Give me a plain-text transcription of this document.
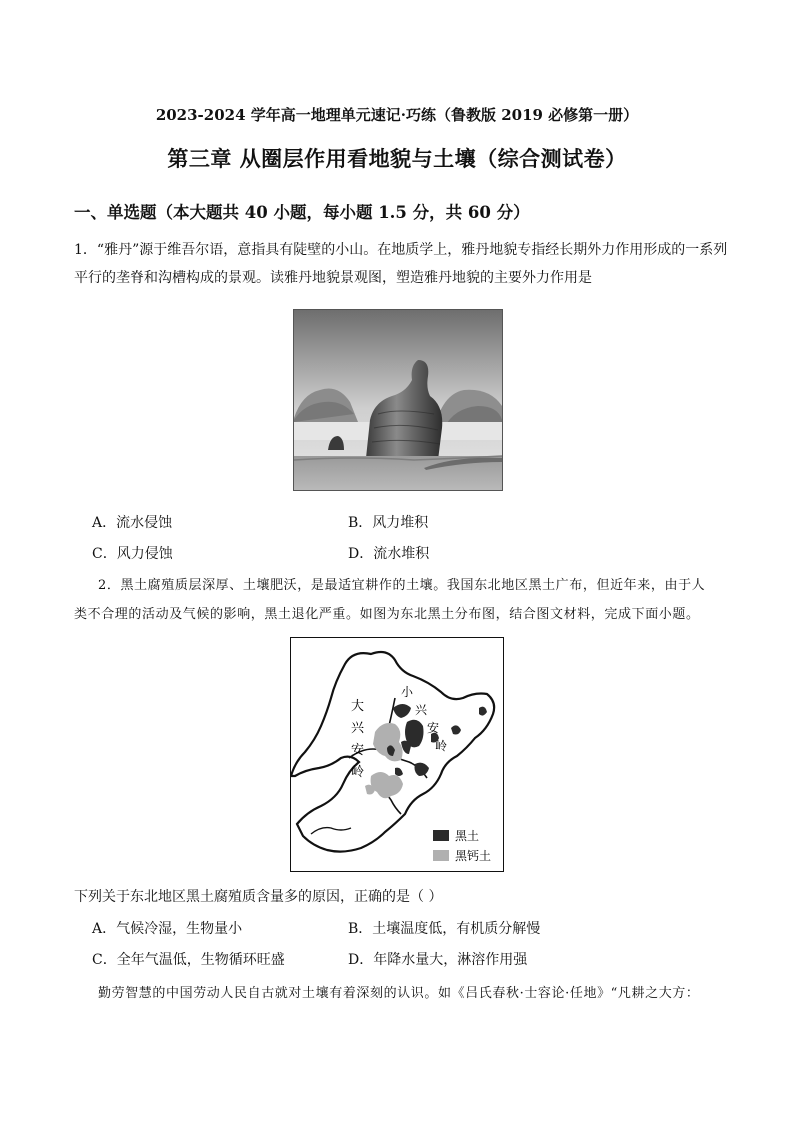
2023-2024 学年高一地理单元速记·巧练（鲁教版 2019 必修第一册）
第三章 从圈层作用看地貌与土壤（综合测试卷）
一、单选题（本大题共 40 小题，每小题 1.5 分，共 60 分）
1．“雅丹”源于维吾尔语，意指具有陡壁的小山。在地质学上，雅丹地貌专指经长期外力作用形成的一系列
平行的垄脊和沟槽构成的景观。读雅丹地貌景观图，塑造雅丹地貌的主要外力作用是
A．流水侵蚀	B．风力堆积
C．风力侵蚀	D．流水堆积
2．黑土腐殖质层深厚、土壤肥沃，是最适宜耕作的土壤。我国东北地区黑土广布，但近年来，由于人
类不合理的活动及气候的影响，黑土退化严重。如图为东北黑土分布图，结合图文材料，完成下面小题。
大
兴
安
岭
小
兴
安
岭
黑土
黑钙土
下列关于东北地区黑土腐殖质含量多的原因，正确的是（ ）
A．气候冷湿，生物量小	B．土壤温度低，有机质分解慢
C．全年气温低，生物循环旺盛	D．年降水量大，淋溶作用强
勤劳智慧的中国劳动人民自古就对土壤有着深刻的认识。如《吕氏春秋·士容论·任地》“凡耕之大方：
